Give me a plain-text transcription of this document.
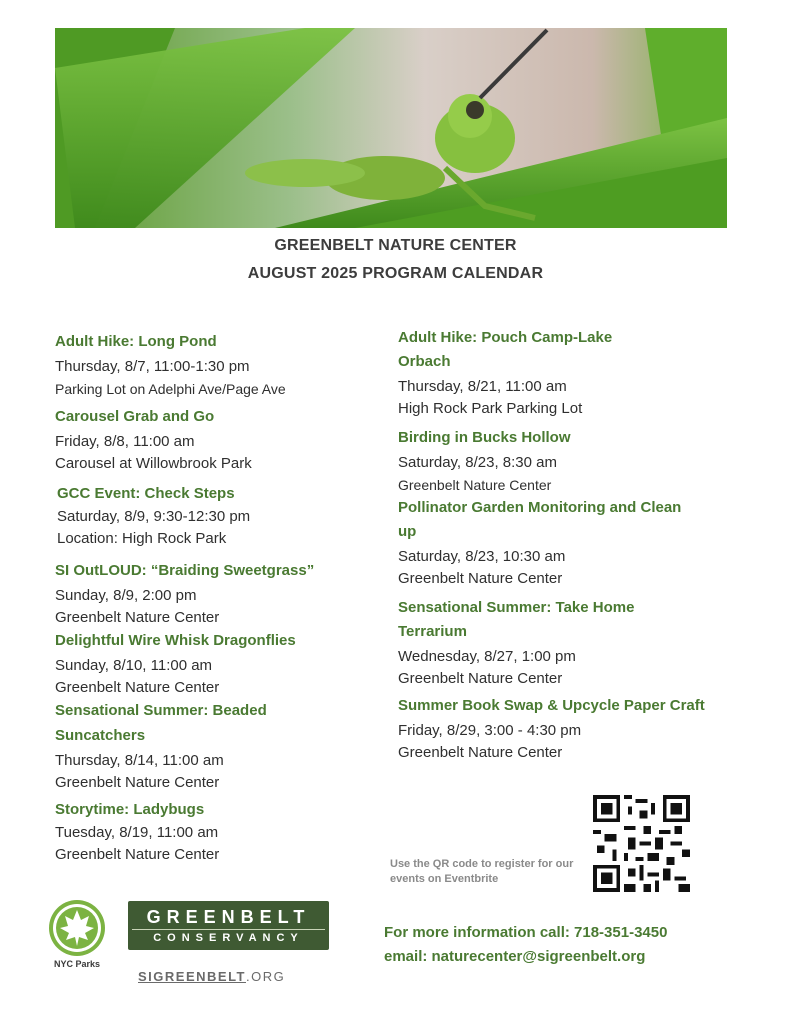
GREENBELT NATURE CENTER
AUGUST 2025 PROGRAM CALENDAR
Adult Hike: Long Pond
Thursday, 8/7, 11:00-1:30 pm
Parking Lot on Adelphi Ave/Page Ave
Carousel Grab and Go
Friday, 8/8, 11:00 am
Carousel at Willowbrook Park
GCC Event: Check Steps
Saturday, 8/9, 9:30-12:30 pm
Location: High Rock Park
SI OutLOUD: “Braiding Sweetgrass”
Sunday, 8/9, 2:00 pm
Greenbelt Nature Center
Delightful Wire Whisk Dragonflies
Sunday, 8/10, 11:00 am
Greenbelt Nature Center
Sensational Summer: Beaded Suncatchers
Thursday, 8/14, 11:00 am
Greenbelt Nature Center
Storytime: Ladybugs
Tuesday, 8/19, 11:00 am
Greenbelt Nature Center
Adult Hike: Pouch Camp-Lake Orbach
Thursday, 8/21, 11:00 am
High Rock Park Parking Lot
Birding in Bucks Hollow
Saturday, 8/23, 8:30 am
Greenbelt Nature Center
Pollinator Garden Monitoring and Clean up
Saturday, 8/23, 10:30 am
Greenbelt Nature Center
Sensational Summer: Take Home Terrarium
Wednesday, 8/27, 1:00 pm
Greenbelt Nature Center
Summer Book Swap & Upcycle Paper Craft
Friday, 8/29, 3:00 - 4:30 pm
Greenbelt Nature Center
Use the QR code to register for our events on Eventbrite
NYC Parks
GREENBELT
CONSERVANCY
SIGREENBELT.ORG
For more information call: 718-351-3450
email: naturecenter@sigreenbelt.org
